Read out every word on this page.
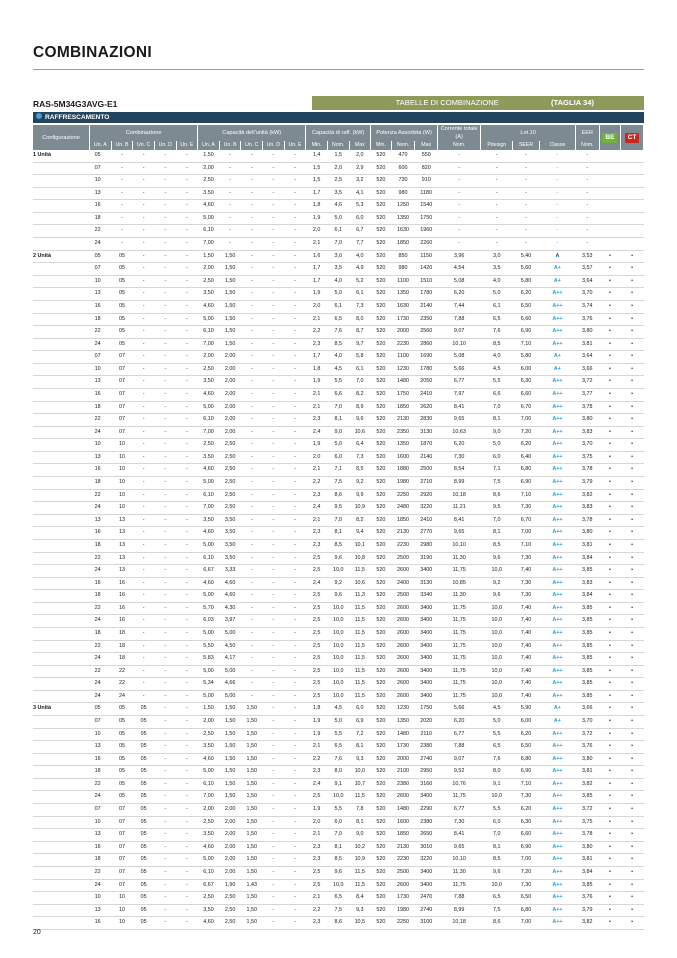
COMBINAZIONI
RAS-5M34G3AVG-E1	TABELLE DI COMBINAZIONE	(TAGLIA 34)
RAFFRESCAMENTO
Configurazione	Combinazione					Capacità dell'unità (kW)					Capacità di raff. (kW)			Potenza Assorbita (W)			Corrente totale (A)	Lot.10			EER	BE	CT
	Un. A	Un. B	Un. C	Un. D	Un. E	Un. A	Un. B	Un. C	Un. D	Un. E	Min.	Nom.	Max	Min.	Nom.	Max	Nom.	Pdesign	SEER	Classe	Nom.		
1 Unità	05	-	-	-	-	1,50	-	-	-	-	1,4	1,5	2,0	520	470	550	-	-	-	-	-		
	07	-	-	-	-	2,00	-	-	-	-	1,5	2,0	2,9	520	600	820	-	-	-	-	-		
	10	-	-	-	-	2,50	-	-	-	-	1,5	2,5	3,2	520	730	910	-	-	-	-	-		
	13	-	-	-	-	3,50	-	-	-	-	1,7	3,5	4,1	520	980	1180	-	-	-	-	-		
	16	-	-	-	-	4,60	-	-	-	-	1,8	4,6	5,3	520	1250	1540	-	-	-	-	-		
	18	-	-	-	-	5,00	-	-	-	-	1,9	5,0	6,0	520	1350	1750	-	-	-	-	-		
	22	-	-	-	-	6,10	-	-	-	-	2,0	6,1	6,7	520	1630	1960	-	-	-	-	-		
	24	-	-	-	-	7,00	-	-	-	-	2,1	7,0	7,7	520	1850	2260	-	-	-	-	-		
2 Unità	05	05	-	-	-	1,50	1,50	-	-	-	1,6	3,0	4,0	520	850	1150	3,96	3,0	5,40	A	3,53	•	•
	07	05	-	-	-	2,00	1,50	-	-	-	1,7	3,5	4,9	520	980	1420	4,54	3,5	5,60	A+	3,57	•	•
	10	05	-	-	-	2,50	1,50	-	-	-	1,7	4,0	5,2	520	1100	1510	5,08	4,0	5,80	A+	3,64	•	•
	13	05	-	-	-	3,50	1,50	-	-	-	1,9	5,0	6,1	520	1350	1780	6,20	5,0	6,20	A++	3,70	•	•
	16	05	-	-	-	4,60	1,50	-	-	-	2,0	6,1	7,3	520	1630	2140	7,44	6,1	6,50	A++	3,74	•	•
	18	05	-	-	-	5,00	1,50	-	-	-	2,1	6,5	8,0	520	1730	2350	7,88	6,5	6,60	A++	3,76	•	•
	22	05	-	-	-	6,10	1,50	-	-	-	2,2	7,6	8,7	520	2000	2560	9,07	7,6	6,90	A++	3,80	•	•
	24	05	-	-	-	7,00	1,50	-	-	-	2,3	8,5	9,7	520	2230	2860	10,10	8,5	7,10	A++	3,81	•	•
	07	07	-	-	-	2,00	2,00	-	-	-	1,7	4,0	5,8	520	1100	1690	5,08	4,0	5,80	A+	3,64	•	•
	10	07	-	-	-	2,50	2,00	-	-	-	1,8	4,5	6,1	520	1230	1780	5,66	4,5	6,00	A+	3,66	•	•
	13	07	-	-	-	3,50	2,00	-	-	-	1,9	5,5	7,0	520	1480	2050	6,77	5,5	6,30	A++	3,72	•	•
	16	07	-	-	-	4,60	2,00	-	-	-	2,1	6,6	8,2	520	1750	2410	7,97	6,6	6,60	A++	3,77	•	•
	18	07	-	-	-	5,00	2,00	-	-	-	2,1	7,0	8,9	520	1850	2620	8,41	7,0	6,70	A++	3,78	•	•
	22	07	-	-	-	6,10	2,00	-	-	-	2,3	8,1	9,6	520	2130	2830	9,65	8,1	7,00	A++	3,80	•	•
	24	07	-	-	-	7,00	2,00	-	-	-	2,4	9,0	10,6	520	2350	3130	10,63	9,0	7,20	A++	3,83	•	•
	10	10	-	-	-	2,50	2,50	-	-	-	1,9	5,0	6,4	520	1350	1870	6,20	5,0	6,20	A++	3,70	•	•
	13	10	-	-	-	3,50	2,50	-	-	-	2,0	6,0	7,3	520	1600	2140	7,30	6,0	6,40	A++	3,75	•	•
	16	10	-	-	-	4,60	2,50	-	-	-	2,1	7,1	8,5	520	1880	2500	8,54	7,1	6,80	A++	3,78	•	•
	18	10	-	-	-	5,00	2,50	-	-	-	2,2	7,5	9,2	520	1980	2710	8,99	7,5	6,90	A++	3,79	•	•
	22	10	-	-	-	6,10	2,50	-	-	-	2,3	8,6	9,9	520	2250	2920	10,18	8,6	7,10	A++	3,82	•	•
	24	10	-	-	-	7,00	2,50	-	-	-	2,4	9,5	10,9	520	2480	3220	11,21	9,5	7,30	A++	3,83	•	•
	13	13	-	-	-	3,50	3,50	-	-	-	2,1	7,0	8,2	520	1850	2410	8,41	7,0	6,70	A++	3,78	•	•
	16	13	-	-	-	4,60	3,50	-	-	-	2,3	8,1	9,4	520	2130	2770	9,65	8,1	7,00	A++	3,80	•	•
	18	13	-	-	-	5,00	3,50	-	-	-	2,3	8,5	10,1	520	2230	2980	10,10	8,5	7,10	A++	3,81	•	•
	22	13	-	-	-	6,10	3,50	-	-	-	2,5	9,6	10,8	520	2500	3190	11,30	9,6	7,30	A++	3,84	•	•
	24	13	-	-	-	6,67	3,33	-	-	-	2,5	10,0	11,5	520	2600	3400	11,75	10,0	7,40	A++	3,85	•	•
	16	16	-	-	-	4,60	4,60	-	-	-	2,4	9,2	10,6	520	2400	3130	10,85	9,2	7,30	A++	3,83	•	•
	18	16	-	-	-	5,00	4,60	-	-	-	2,5	9,6	11,3	520	2500	3340	11,30	9,6	7,30	A++	3,84	•	•
	22	16	-	-	-	5,70	4,30	-	-	-	2,5	10,0	11,5	520	2600	3400	11,75	10,0	7,40	A++	3,85	•	•
	24	16	-	-	-	6,03	3,97	-	-	-	2,5	10,0	11,5	520	2600	3400	11,75	10,0	7,40	A++	3,85	•	•
	18	18	-	-	-	5,00	5,00	-	-	-	2,5	10,0	11,5	520	2600	3400	11,75	10,0	7,40	A++	3,85	•	•
	22	18	-	-	-	5,50	4,50	-	-	-	2,5	10,0	11,5	520	2600	3400	11,75	10,0	7,40	A++	3,85	•	•
	24	18	-	-	-	5,83	4,17	-	-	-	2,5	10,0	11,5	520	2600	3400	11,75	10,0	7,40	A++	3,85	•	•
	22	22	-	-	-	5,00	5,00	-	-	-	2,5	10,0	11,5	520	2600	3400	11,75	10,0	7,40	A++	3,85	•	•
	24	22	-	-	-	5,34	4,66	-	-	-	2,5	10,0	11,5	520	2600	3400	11,75	10,0	7,40	A++	3,85	•	•
	24	24	-	-	-	5,00	5,00	-	-	-	2,5	10,0	11,5	520	2600	3400	11,75	10,0	7,40	A++	3,85	•	•
3 Unità	05	05	05	-	-	1,50	1,50	1,50	-	-	1,8	4,5	6,0	520	1230	1750	5,66	4,5	5,90	A+	3,66	•	•
	07	05	05	-	-	2,00	1,50	1,50	-	-	1,9	5,0	6,9	520	1350	2020	6,20	5,0	6,00	A+	3,70	•	•
	10	05	05	-	-	2,50	1,50	1,50	-	-	1,9	5,5	7,2	520	1480	2110	6,77	5,5	6,20	A++	3,72	•	•
	13	05	05	-	-	3,50	1,50	1,50	-	-	2,1	6,5	8,1	520	1730	2380	7,88	6,5	6,50	A++	3,76	•	•
	16	05	05	-	-	4,60	1,50	1,50	-	-	2,2	7,6	9,3	520	2000	2740	9,07	7,6	6,80	A++	3,80	•	•
	18	05	05	-	-	5,00	1,50	1,50	-	-	2,3	8,0	10,0	520	2100	2950	9,52	8,0	6,90	A++	3,81	•	•
	22	05	05	-	-	6,10	1,50	1,50	-	-	2,4	9,1	10,7	520	2380	3160	10,76	9,1	7,10	A++	3,82	•	•
	24	05	05	-	-	7,00	1,50	1,50	-	-	2,5	10,0	11,5	520	2600	3400	11,75	10,0	7,30	A++	3,85	•	•
	07	07	05	-	-	2,00	2,00	1,50	-	-	1,9	5,5	7,8	520	1480	2290	6,77	5,5	6,20	A++	3,72	•	•
	10	07	05	-	-	2,50	2,00	1,50	-	-	2,0	6,0	8,1	520	1600	2380	7,30	6,0	6,30	A++	3,75	•	•
	13	07	05	-	-	3,50	2,00	1,50	-	-	2,1	7,0	9,0	520	1850	2650	8,41	7,0	6,60	A++	3,78	•	•
	16	07	05	-	-	4,60	2,00	1,50	-	-	2,3	8,1	10,2	520	2130	3010	9,65	8,1	6,90	A++	3,80	•	•
	18	07	05	-	-	5,00	2,00	1,50	-	-	2,3	8,5	10,9	520	2230	3220	10,10	8,5	7,00	A++	3,81	•	•
	22	07	05	-	-	6,10	2,00	1,50	-	-	2,5	9,6	11,5	520	2500	3400	11,30	9,6	7,20	A++	3,84	•	•
	24	07	05	-	-	6,67	1,90	1,43	-	-	2,5	10,0	11,5	520	2600	3400	11,75	10,0	7,30	A++	3,85	•	•
	10	10	05	-	-	2,50	2,50	1,50	-	-	2,1	6,5	8,4	520	1730	2470	7,88	6,5	6,50	A++	3,76	•	•
	13	10	05	-	-	3,50	2,50	1,50	-	-	2,2	7,5	9,3	520	1980	2740	8,99	7,5	6,80	A++	3,79	•	•
	16	10	05	-	-	4,60	2,50	1,50	-	-	2,3	8,6	10,5	520	2250	3100	10,18	8,6	7,00	A++	3,82	•	•
20
